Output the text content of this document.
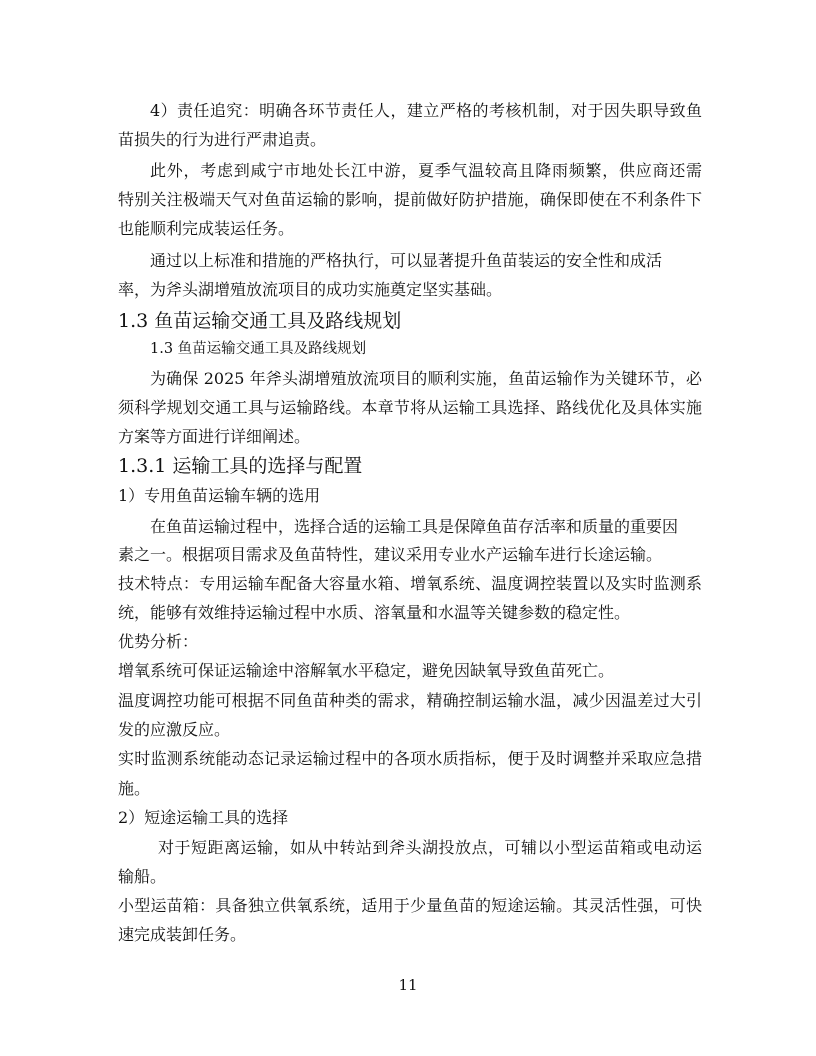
4）责任追究：明确各环节责任人，建立严格的考核机制，对于因失职导致鱼
苗损失的行为进行严肃追责。
此外，考虑到咸宁市地处长江中游，夏季气温较高且降雨频繁，供应商还需
特别关注极端天气对鱼苗运输的影响，提前做好防护措施，确保即使在不利条件下
也能顺利完成装运任务。
通过以上标准和措施的严格执行，可以显著提升鱼苗装运的安全性和成活
率，为斧头湖增殖放流项目的成功实施奠定坚实基础。
1.3 鱼苗运输交通工具及路线规划
1.3 鱼苗运输交通工具及路线规划
为确保 2025 年斧头湖增殖放流项目的顺利实施，鱼苗运输作为关键环节，必
须科学规划交通工具与运输路线。本章节将从运输工具选择、路线优化及具体实施
方案等方面进行详细阐述。
1.3.1 运输工具的选择与配置
1）专用鱼苗运输车辆的选用
在鱼苗运输过程中，选择合适的运输工具是保障鱼苗存活率和质量的重要因
素之一。根据项目需求及鱼苗特性，建议采用专业水产运输车进行长途运输。
技术特点：专用运输车配备大容量水箱、增氧系统、温度调控装置以及实时监测系
统，能够有效维持运输过程中水质、溶氧量和水温等关键参数的稳定性。
优势分析：
增氧系统可保证运输途中溶解氧水平稳定，避免因缺氧导致鱼苗死亡。
温度调控功能可根据不同鱼苗种类的需求，精确控制运输水温，减少因温差过大引
发的应激反应。
实时监测系统能动态记录运输过程中的各项水质指标，便于及时调整并采取应急措
施。
2）短途运输工具的选择
对于短距离运输，如从中转站到斧头湖投放点，可辅以小型运苗箱或电动运
输船。
小型运苗箱：具备独立供氧系统，适用于少量鱼苗的短途运输。其灵活性强，可快
速完成装卸任务。
11
